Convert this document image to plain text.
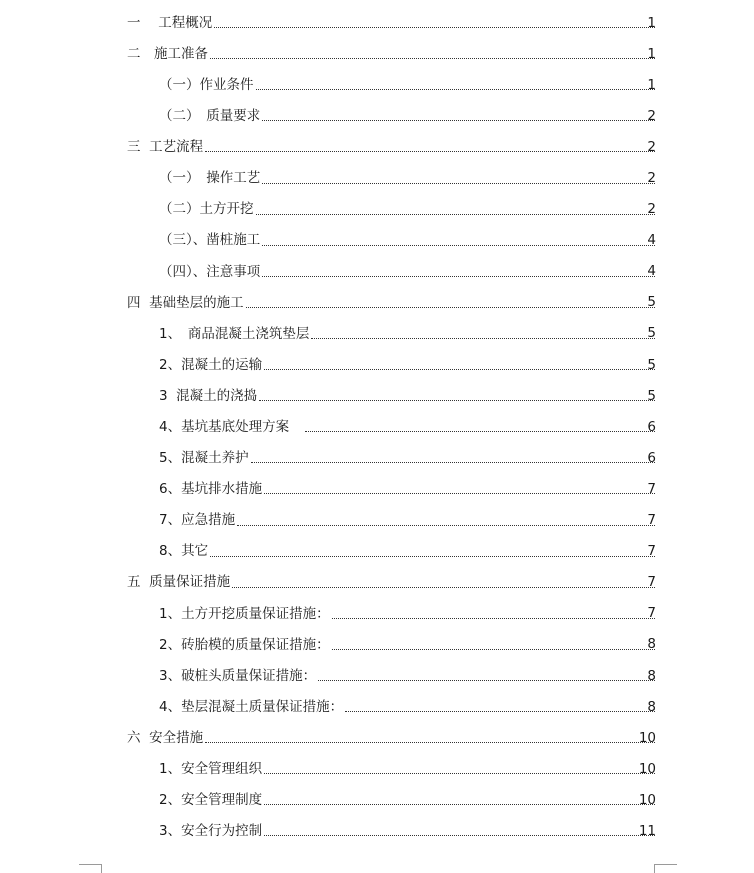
一　 工程概况	1
二　施工准备	1
（一）作业条件	1
（二）　质量要求	2
三  工艺流程	2
（一）　操作工艺	2
（二）土方开挖	2
（三）、凿桩施工	4
（四）、注意事项	4
四  基础垫层的施工	5
1、　商品混凝土浇筑垫层	5
2、混凝土的运输	5
3  混凝土的浇捣	5
4、基坑基底处理方案　	6
5、混凝土养护	6
6、基坑排水措施	7
7、应急措施	7
8、其它	7
五  质量保证措施	7
1、土方开挖质量保证措施：	7
2、砖胎模的质量保证措施：	8
3、破桩头质量保证措施：	8
4、垫层混凝土质量保证措施：	8
六  安全措施	10
1、安全管理组织	10
2、安全管理制度	10
3、安全行为控制	11
